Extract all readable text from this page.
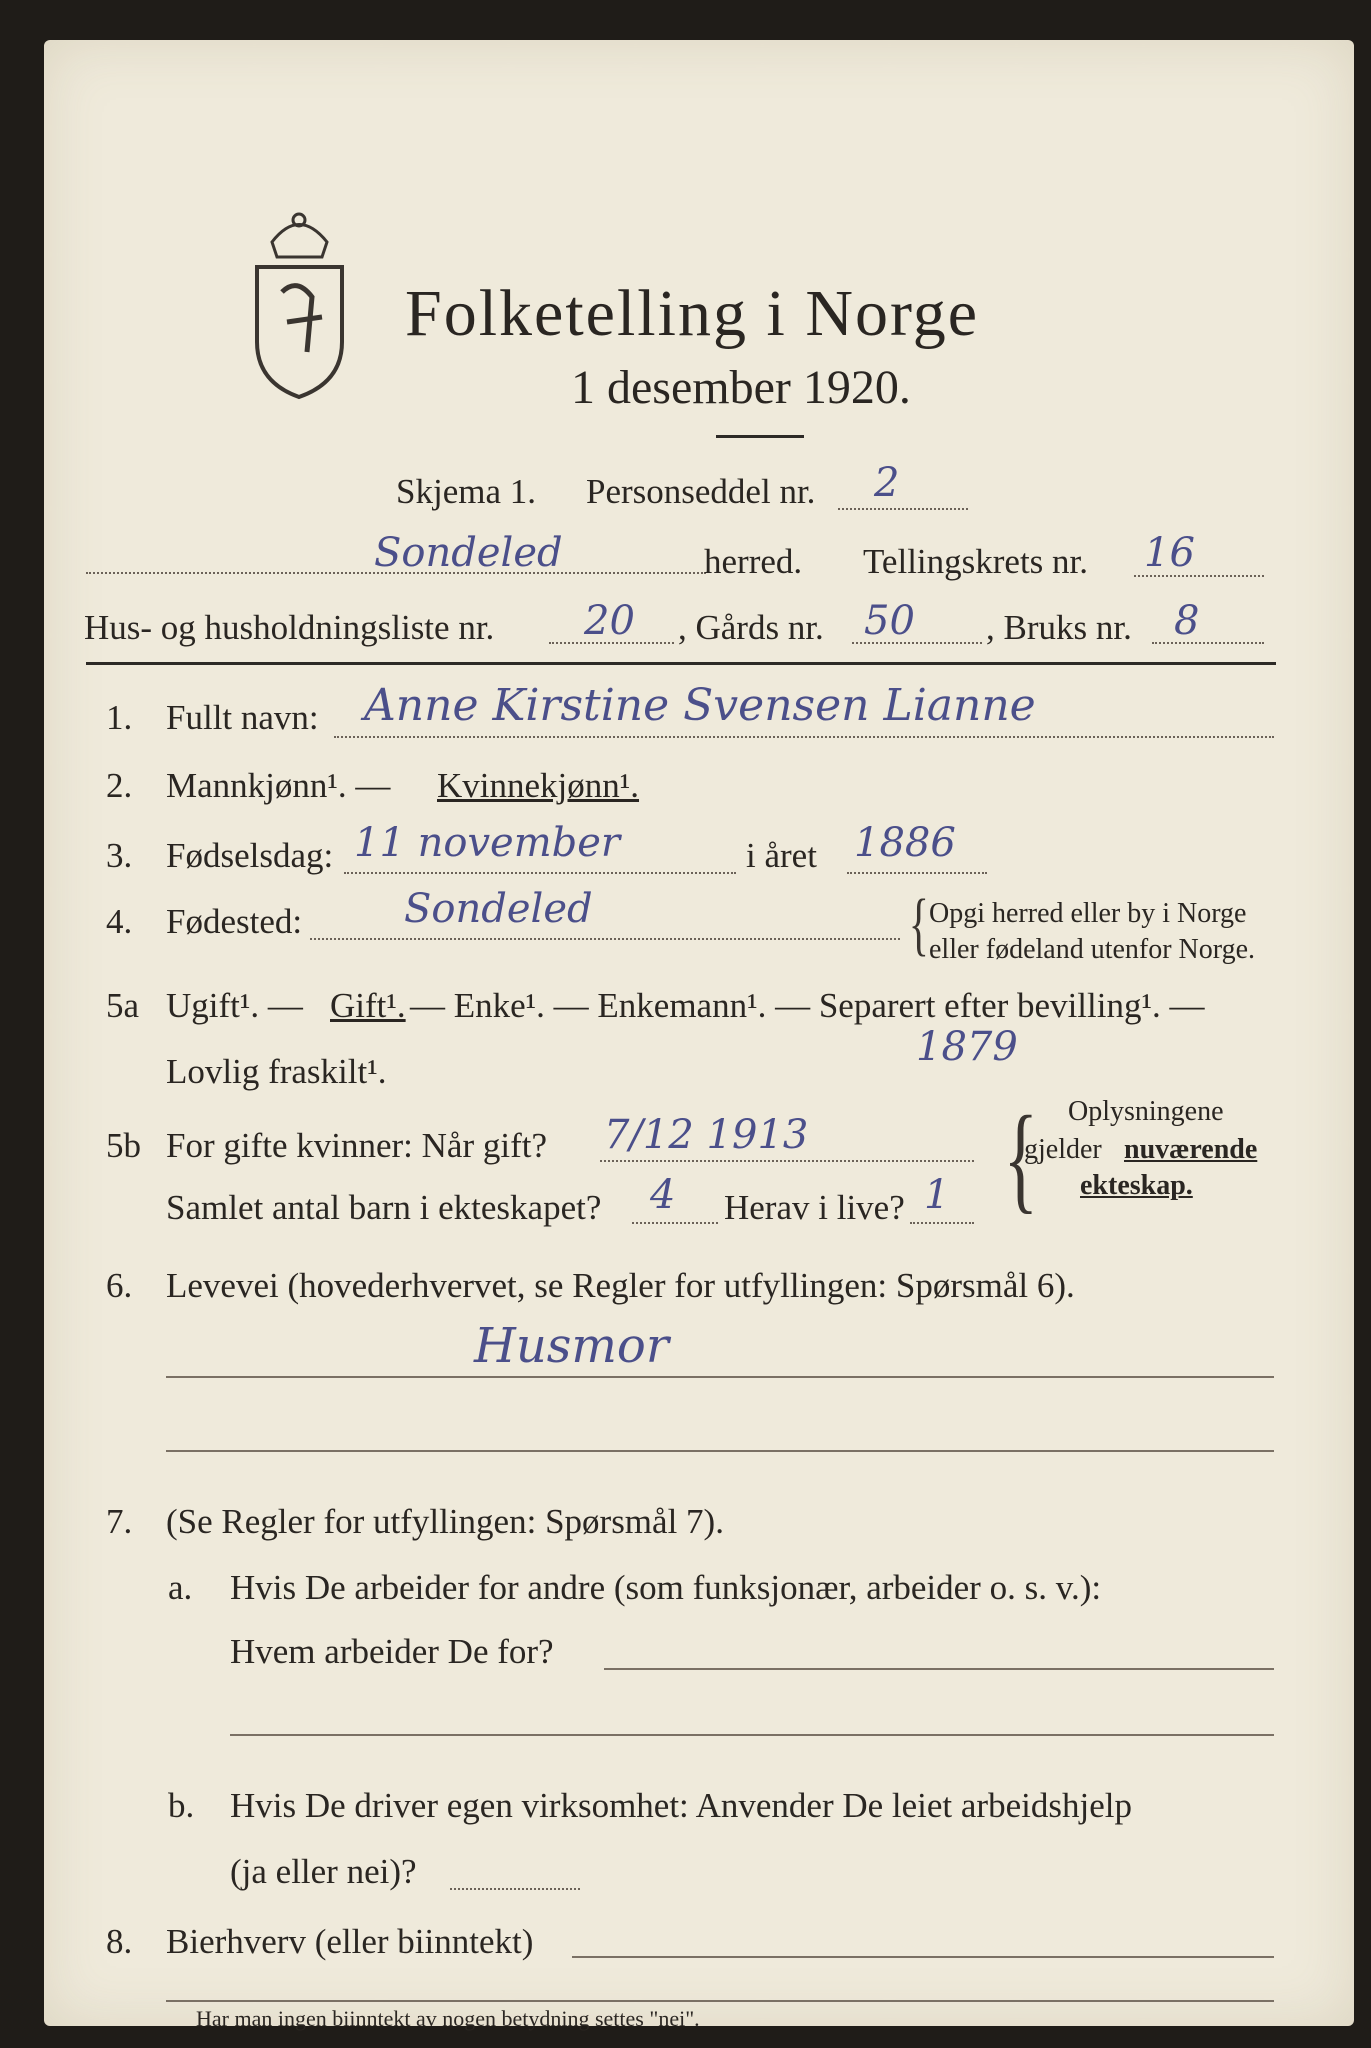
Folketelling i Norge
1 desember 1920.
Skjema 1. Personseddel nr. 2
Sondeled	herred. Tellingskrets nr. 16
Hus- og husholdningsliste nr. 20 , Gårds nr. 50 , Bruks nr. 8
1. Fullt navn: Anne Kirstine Svensen Lianne
2. Mannkjønn¹. — Kvinnekjønn¹.
3. Fødselsdag: 11 november	i året 1886
4. Fødested:	Sondeled	{ Opgi herred eller by i Norge
eller fødeland utenfor Norge.
5a Ugift¹. — Gift¹. — Enke¹. — Enkemann¹. — Separert efter bevilling¹. —
Lovlig fraskilt¹.
1879
5b For gifte kvinner: Når gift? 7/12 1913
Samlet antal barn i ekteskapet? 4 Herav i live? 1 { Oplysningene
gjelder nuværende
ekteskap.
6. Levevei (hovederhvervet, se Regler for utfyllingen: Spørsmål 6).
Husmor
7. (Se Regler for utfyllingen: Spørsmål 7).
a. Hvis De arbeider for andre (som funksjonær, arbeider o. s. v.):
Hvem arbeider De for?
b. Hvis De driver egen virksomhet: Anvender De leiet arbeidshjelp
(ja eller nei)?
8. Bierhverv (eller biinntekt)
Har man ingen biinntekt av nogen betydning settes "nei".
